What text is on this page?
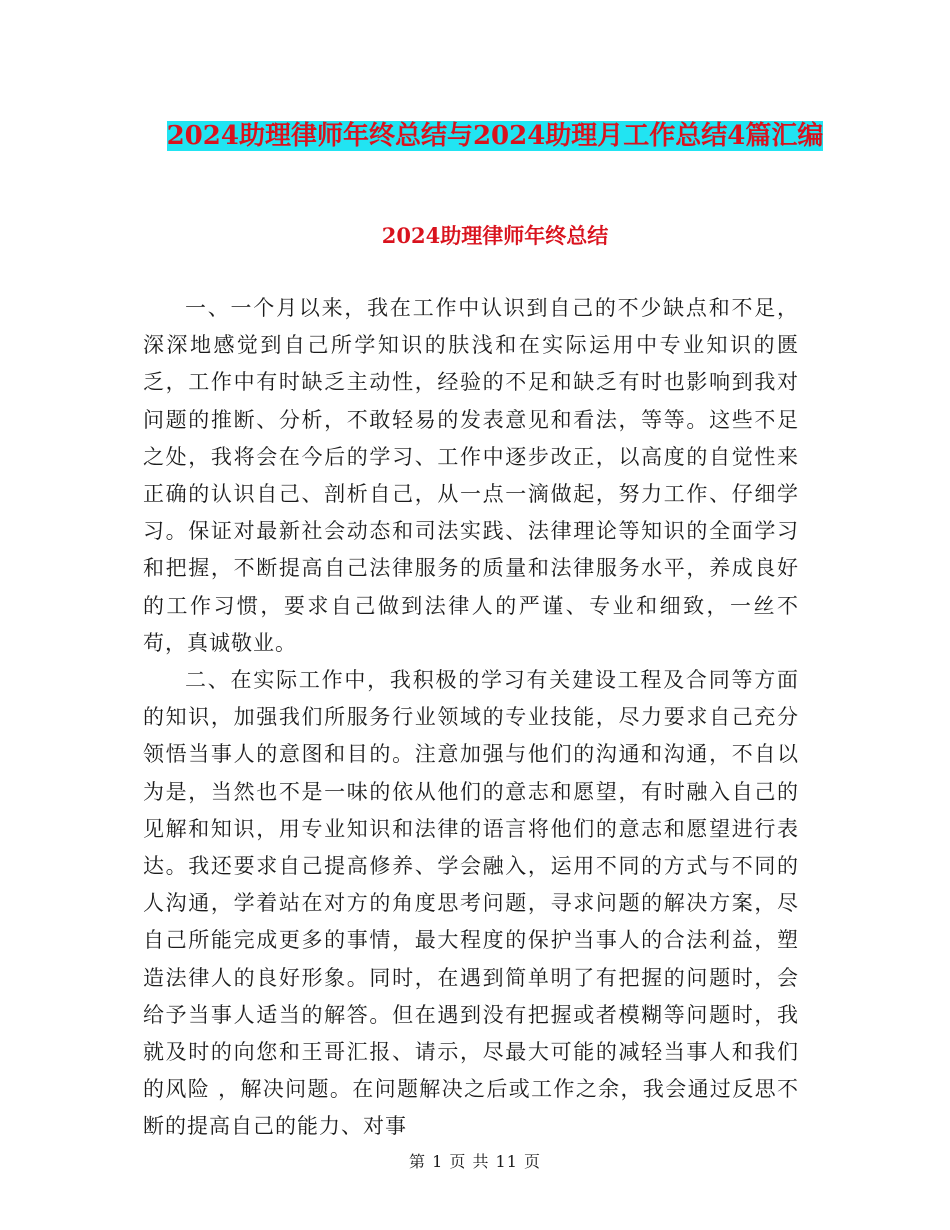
2024助理律师年终总结与2024助理月工作总结4篇汇编
2024助理律师年终总结

一、一个月以来，我在工作中认识到自己的不少缺点和不足，深深地感觉到自己所学知识的肤浅和在实际运用中专业知识的匮乏，工作中有时缺乏主动性，经验的不足和缺乏有时也影响到我对问题的推断、分析，不敢轻易的发表意见和看法，等等。这些不足之处，我将会在今后的学习、工作中逐步改正，以高度的自觉性来正确的认识自己、剖析自己，从一点一滴做起，努力工作、仔细学习。保证对最新社会动态和司法实践、法律理论等知识的全面学习和把握，不断提高自己法律服务的质量和法律服务水平，养成良好的工作习惯，要求自己做到法律人的严谨、专业和细致，一丝不苟，真诚敬业。

二、在实际工作中，我积极的学习有关建设工程及合同等方面的知识，加强我们所服务行业领域的专业技能，尽力要求自己充分领悟当事人的意图和目的。注意加强与他们的沟通和沟通，不自以为是，当然也不是一味的依从他们的意志和愿望，有时融入自己的见解和知识，用专业知识和法律的语言将他们的意志和愿望进行表达。我还要求自己提高修养、学会融入，运用不同的方式与不同的人沟通，学着站在对方的角度思考问题，寻求问题的解决方案，尽自己所能完成更多的事情，最大程度的保护当事人的合法利益，塑造法律人的良好形象。同时，在遇到简单明了有把握的问题时，会给予当事人适当的解答。但在遇到没有把握或者模糊等问题时，我就及时的向您和王哥汇报、请示，尽最大可能的减轻当事人和我们的风险 ，解决问题。在问题解决之后或工作之余，我会通过反思不断的提高自己的能力、对事

第 1 页 共 11 页
